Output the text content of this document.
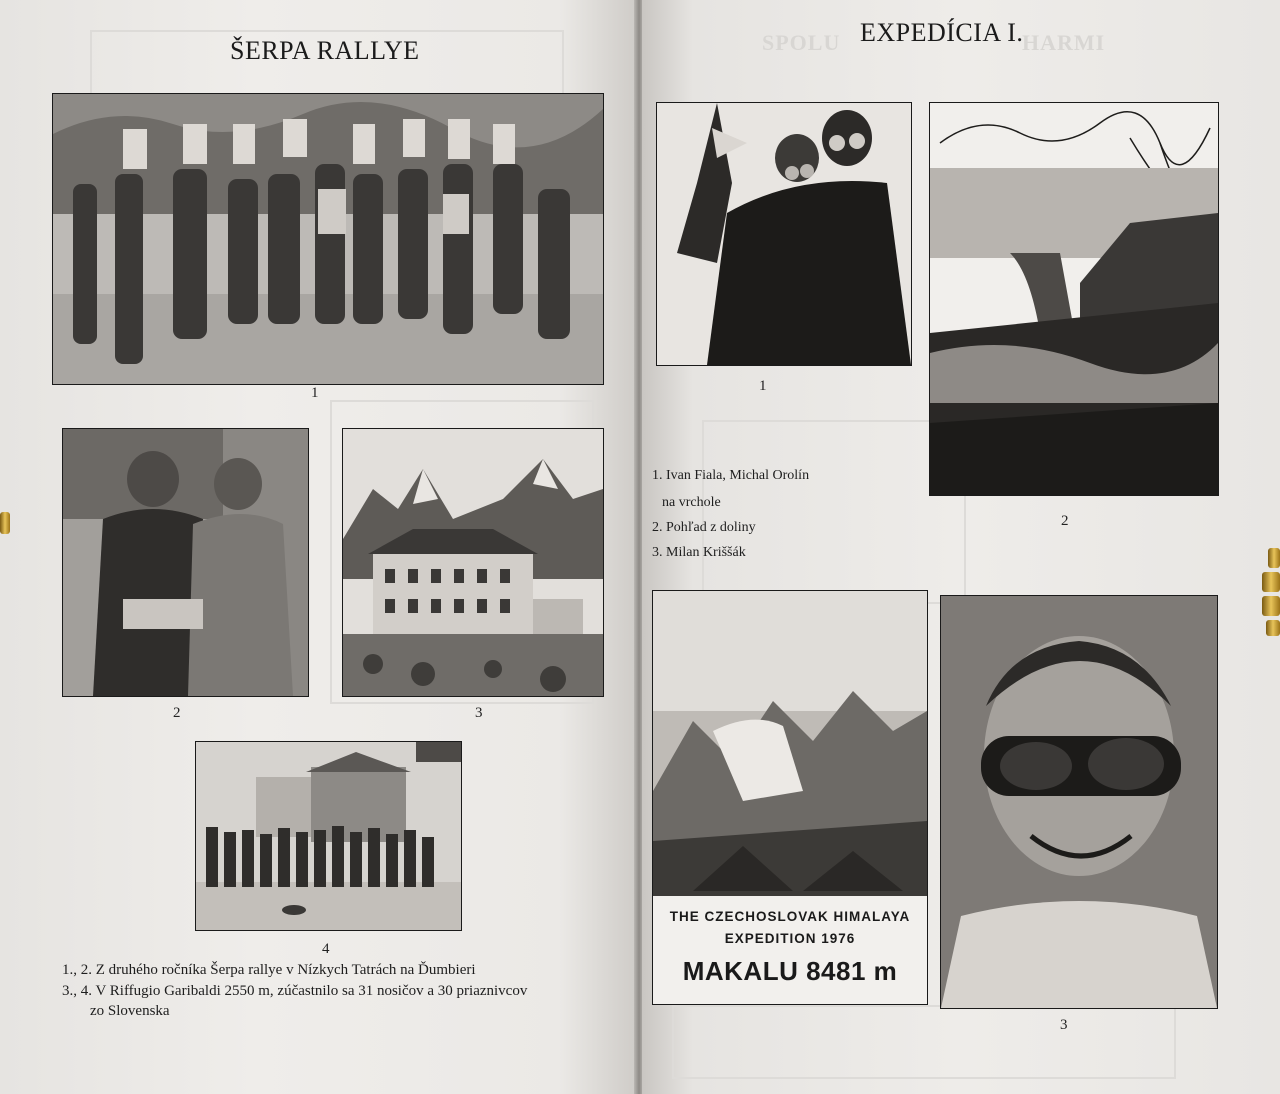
ŠERPA RALLYE
1
2	3
4
1., 2. Z druhého ročníka Šerpa rallye v Nízkych Tatrách na Ďumbieri
3., 4. V Riffugio Garibaldi 2550 m, zúčastnilo sa 31 nosičov a 30 priaznivcov
zo Slovenska
SPOLU	HARMI
EXPEDÍCIA I.
1
2
1. Ivan Fiala, Michal Orolín
na vrchole
2. Pohľad z doliny
3. Milan Kriššák
THE CZECHOSLOVAK HIMALAYA
EXPEDITION 1976
MAKALU 8481 m
3
